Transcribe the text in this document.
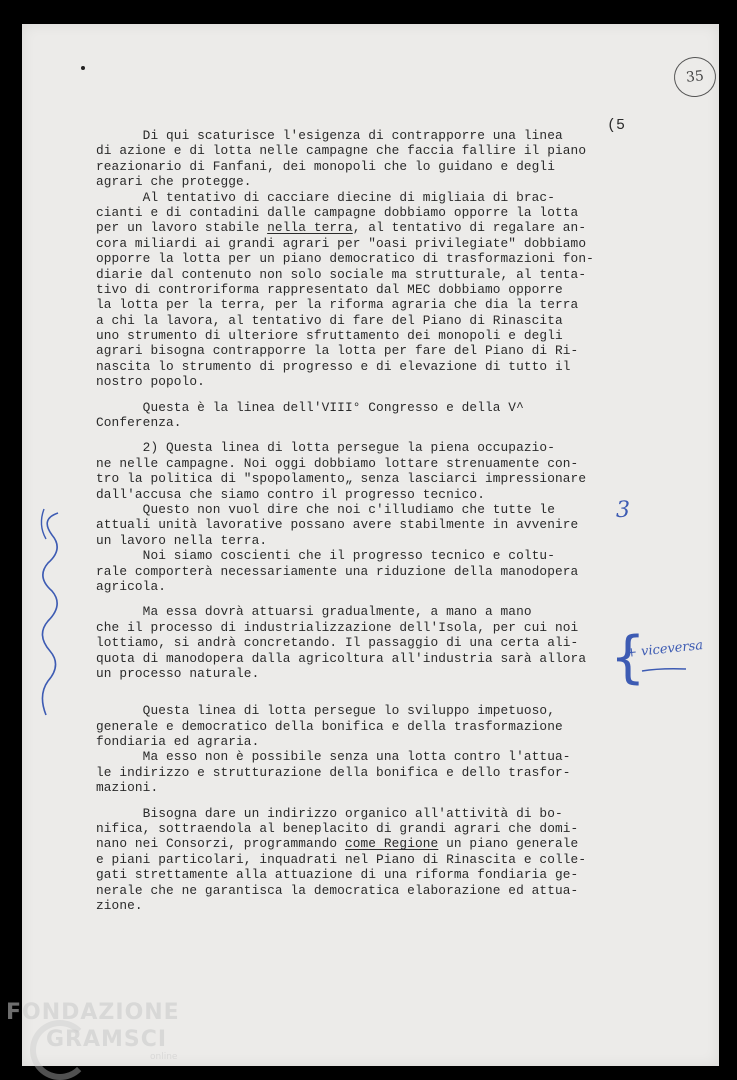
35
(5
Di qui scaturisce l'esigenza di contrapporre una linea
di azione e di lotta nelle campagne che faccia fallire il piano
reazionario di Fanfani, dei monopoli che lo guidano e degli
agrari che protegge.
Al tentativo di cacciare diecine di migliaia di brac-
cianti e di contadini dalle campagne dobbiamo opporre la lotta
per un lavoro stabile nella terra, al tentativo di regalare an-
cora miliardi ai grandi agrari per "oasi privilegiate" dobbiamo
opporre la lotta per un piano democratico di trasformazioni fon-
diarie dal contenuto non solo sociale ma strutturale, al tenta-
tivo di controriforma rappresentato dal MEC dobbiamo opporre
la lotta per la terra, per la riforma agraria che dia la terra
a chi la lavora, al tentativo di fare del Piano di Rinascita
uno strumento di ulteriore sfruttamento dei monopoli e degli
agrari bisogna contrapporre la lotta per fare del Piano di Ri-
nascita lo strumento di progresso e di elevazione di tutto il
nostro popolo.
Questa è la linea dell'VIII° Congresso e della V^
Conferenza.
2) Questa linea di lotta persegue la piena occupazio-
ne nelle campagne. Noi oggi dobbiamo lottare strenuamente con-
tro la politica di "spopolamento„ senza lasciarci impressionare
dall'accusa che siamo contro il progresso tecnico.
Questo non vuol dire che noi c'illudiamo che tutte le
attuali unità lavorative possano avere stabilmente in avvenire
un lavoro nella terra.
Noi siamo coscienti che il progresso tecnico e coltu-
rale comporterà necessariamente una riduzione della manodopera
agricola.
Ma essa dovrà attuarsi gradualmente, a mano a mano
che il processo di industrializzazione dell'Isola, per cui noi
lottiamo, si andrà concretando. Il passaggio di una certa ali-
quota di manodopera dalla agricoltura all'industria sarà allora
un processo naturale.
Questa linea di lotta persegue lo sviluppo impetuoso,
generale e democratico della bonifica e della trasformazione
fondiaria ed agraria.
Ma esso non è possibile senza una lotta contro l'attua-
le indirizzo e strutturazione della bonifica e dello trasfor-
mazioni.
Bisogna dare un indirizzo organico all'attività di bo-
nifica, sottraendola al beneplacito di grandi agrari che domi-
nano nei Consorzi, programmando come Regione un piano generale
e piani particolari, inquadrati nel Piano di Rinascita e colle-
gati strettamente alla attuazione di una riforma fondiaria ge-
nerale che ne garantisca la democratica elaborazione ed attua-
zione.
3
{
+ viceversa
FONDAZIONE
GRAMSCI
online
